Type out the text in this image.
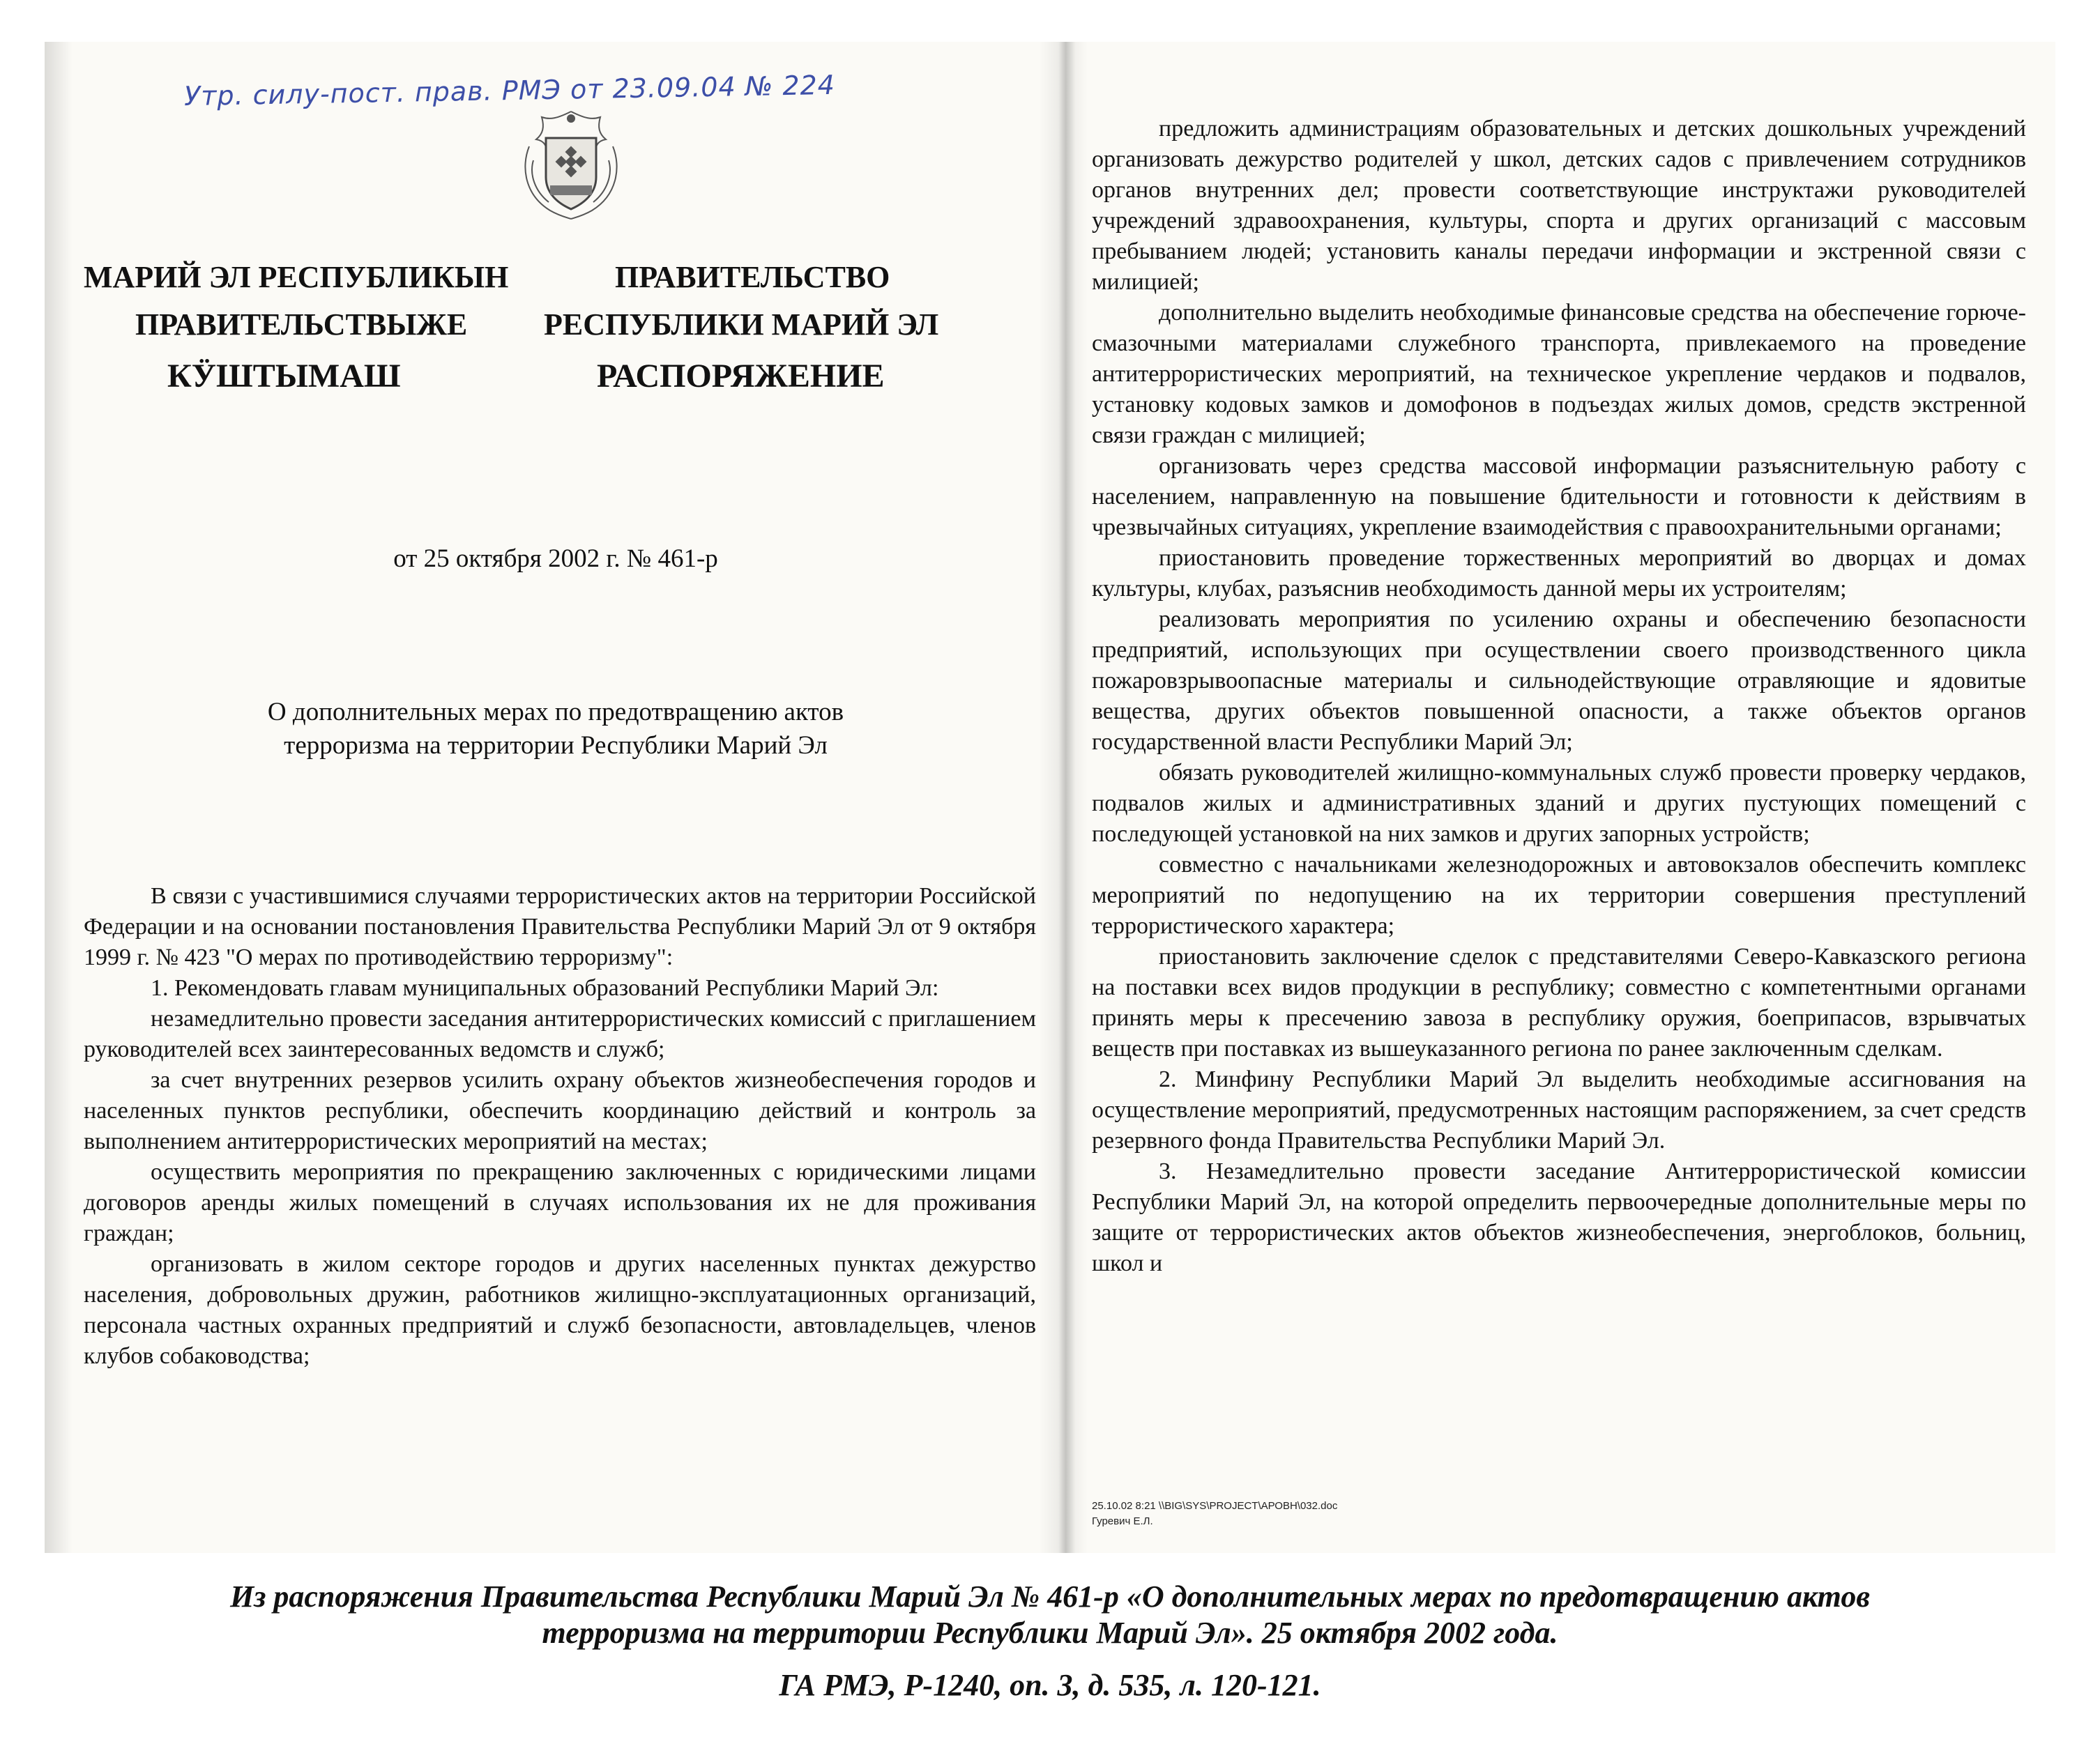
Утр. силу-пост. прав. РМЭ от 23.09.04 № 224
МАРИЙ ЭЛ РЕСПУБЛИКЫН
ПРАВИТЕЛЬСТВЫЖЕ
КӰШТЫМАШ
ПРАВИТЕЛЬСТВО
РЕСПУБЛИКИ МАРИЙ ЭЛ
РАСПОРЯЖЕНИЕ
от 25 октября 2002 г. № 461-р
О дополнительных мерах по предотвращению актов
терроризма на территории Республики Марий Эл

В связи с участившимися случаями террористических актов на территории Российской Федерации и на основании постановления Правительства Республики Марий Эл от 9 октября 1999 г. № 423 "О мерах по противодействию терроризму":

1. Рекомендовать главам муниципальных образований Республики Марий Эл:

незамедлительно провести заседания антитеррористических комиссий с приглашением руководителей всех заинтересованных ведомств и служб;

за счет внутренних резервов усилить охрану объектов жизнеобеспечения городов и населенных пунктов республики, обеспечить координацию действий и контроль за выполнением антитеррористических мероприятий на местах;

осуществить мероприятия по прекращению заключенных с юридическими лицами договоров аренды жилых помещений в случаях использования их не для проживания граждан;

организовать в жилом секторе городов и других населенных пунктах дежурство населения, добровольных дружин, работников жилищно-эксплуатационных организаций, персонала частных охранных предприятий и служб безопасности, автовладельцев, членов клубов собаководства;

предложить администрациям образовательных и детских дошкольных учреждений организовать дежурство родителей у школ, детских садов с привлечением сотрудников органов внутренних дел; провести соответствующие инструктажи руководителей учреждений здравоохранения, культуры, спорта и других организаций с массовым пребыванием людей; установить каналы передачи информации и экстренной связи с милицией;

дополнительно выделить необходимые финансовые средства на обеспечение горюче-смазочными материалами служебного транспорта, привлекаемого на проведение антитеррористических мероприятий, на техническое укрепление чердаков и подвалов, установку кодовых замков и домофонов в подъездах жилых домов, средств экстренной связи граждан с милицией;

организовать через средства массовой информации разъяснительную работу с населением, направленную на повышение бдительности и готовности к действиям в чрезвычайных ситуациях, укрепление взаимодействия с правоохранительными органами;

приостановить проведение торжественных мероприятий во дворцах и домах культуры, клубах, разъяснив необходимость данной меры их устроителям;

реализовать мероприятия по усилению охраны и обеспечению безопасности предприятий, использующих при осуществлении своего производственного цикла пожаровзрывоопасные материалы и сильнодействующие отравляющие и ядовитые вещества, других объектов повышенной опасности, а также объектов органов государственной власти Республики Марий Эл;

обязать руководителей жилищно-коммунальных служб провести проверку чердаков, подвалов жилых и административных зданий и других пустующих помещений с последующей установкой на них замков и других запорных устройств;

совместно с начальниками железнодорожных и автовокзалов обеспечить комплекс мероприятий по недопущению на их территории совершения преступлений террористического характера;

приостановить заключение сделок с представителями Северо-Кавказского региона на поставки всех видов продукции в республику; совместно с компетентными органами принять меры к пресечению завоза в республику оружия, боеприпасов, взрывчатых веществ при поставках из вышеуказанного региона по ранее заключенным сделкам.

2. Минфину Республики Марий Эл выделить необходимые ассигнования на осуществление мероприятий, предусмотренных настоящим распоряжением, за счет средств резервного фонда Правительства Республики Марий Эл.

3. Незамедлительно провести заседание Антитеррористической комиссии Республики Марий Эл, на которой определить первоочередные дополнительные меры по защите от террористических актов объектов жизнеобеспечения, энергоблоков, больниц, школ и

25.10.02 8:21 \\BIG\SYS\PROJECT\АРОВН\032.doc
Гуревич Е.Л.
Из распоряжения Правительства Республики Марий Эл № 461-р «О дополнительных мерах по предотвращению актов
терроризма на территории Республики Марий Эл». 25 октября 2002 года.
ГА РМЭ, Р-1240, оп. 3, д. 535, л. 120-121.
